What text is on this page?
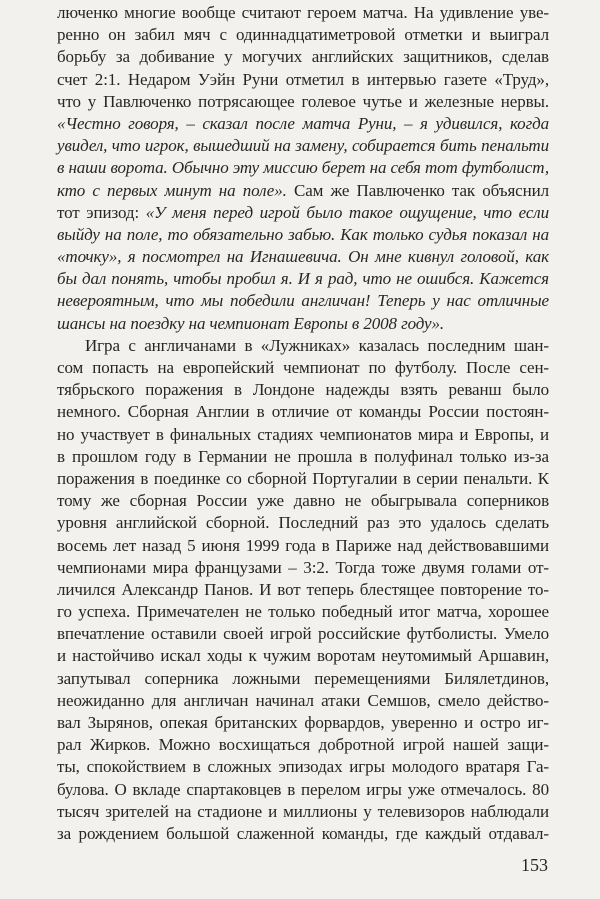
люченко многие вообще считают героем матча. На удивление уве-
ренно он забил мяч с одиннадцатиметровой отметки и выиграл
борьбу за добивание у могучих английских защитников, сделав
счет 2:1. Недаром Уэйн Руни отметил в интервью газете «Труд»,
что у Павлюченко потрясающее голевое чутье и железные нервы.
«Честно говоря, – сказал после матча Руни, – я удивился, когда
увидел, что игрок, вышедший на замену, собирается бить пенальти
в наши ворота. Обычно эту миссию берет на себя тот футболист,
кто с первых минут на поле». Сам же Павлюченко так объяснил
тот эпизод: «У меня перед игрой было такое ощущение, что если
выйду на поле, то обязательно забью. Как только судья показал на
«точку», я посмотрел на Игнашевича. Он мне кивнул головой, как
бы дал понять, чтобы пробил я. И я рад, что не ошибся. Кажется
невероятным, что мы победили англичан! Теперь у нас отличные
шансы на поездку на чемпионат Европы в 2008 году».
Игра с англичанами в «Лужниках» казалась последним шан-
сом попасть на европейский чемпионат по футболу. После сен-
тябрьского поражения в Лондоне надежды взять реванш было
немного. Сборная Англии в отличие от команды России постоян-
но участвует в финальных стадиях чемпионатов мира и Европы, и
в прошлом году в Германии не прошла в полуфинал только из-за
поражения в поединке со сборной Португалии в серии пенальти. К
тому же сборная России уже давно не обыгрывала соперников
уровня английской сборной. Последний раз это удалось сделать
восемь лет назад 5 июня 1999 года в Париже над действовавшими
чемпионами мира французами – 3:2. Тогда тоже двумя голами от-
личился Александр Панов. И вот теперь блестящее повторение то-
го успеха. Примечателен не только победный итог матча, хорошее
впечатление оставили своей игрой российские футболисты. Умело
и настойчиво искал ходы к чужим воротам неутомимый Аршавин,
запутывал соперника ложными перемещениями Билялетдинов,
неожиданно для англичан начинал атаки Семшов, смело действо-
вал Зырянов, опекая британских форвардов, уверенно и остро иг-
рал Жирков. Можно восхищаться добротной игрой нашей защи-
ты, спокойствием в сложных эпизодах игры молодого вратаря Га-
булова. О вкладе спартаковцев в перелом игры уже отмечалось. 80
тысяч зрителей на стадионе и миллионы у телевизоров наблюдали
за рождением большой слаженной команды, где каждый отдавал-
153
